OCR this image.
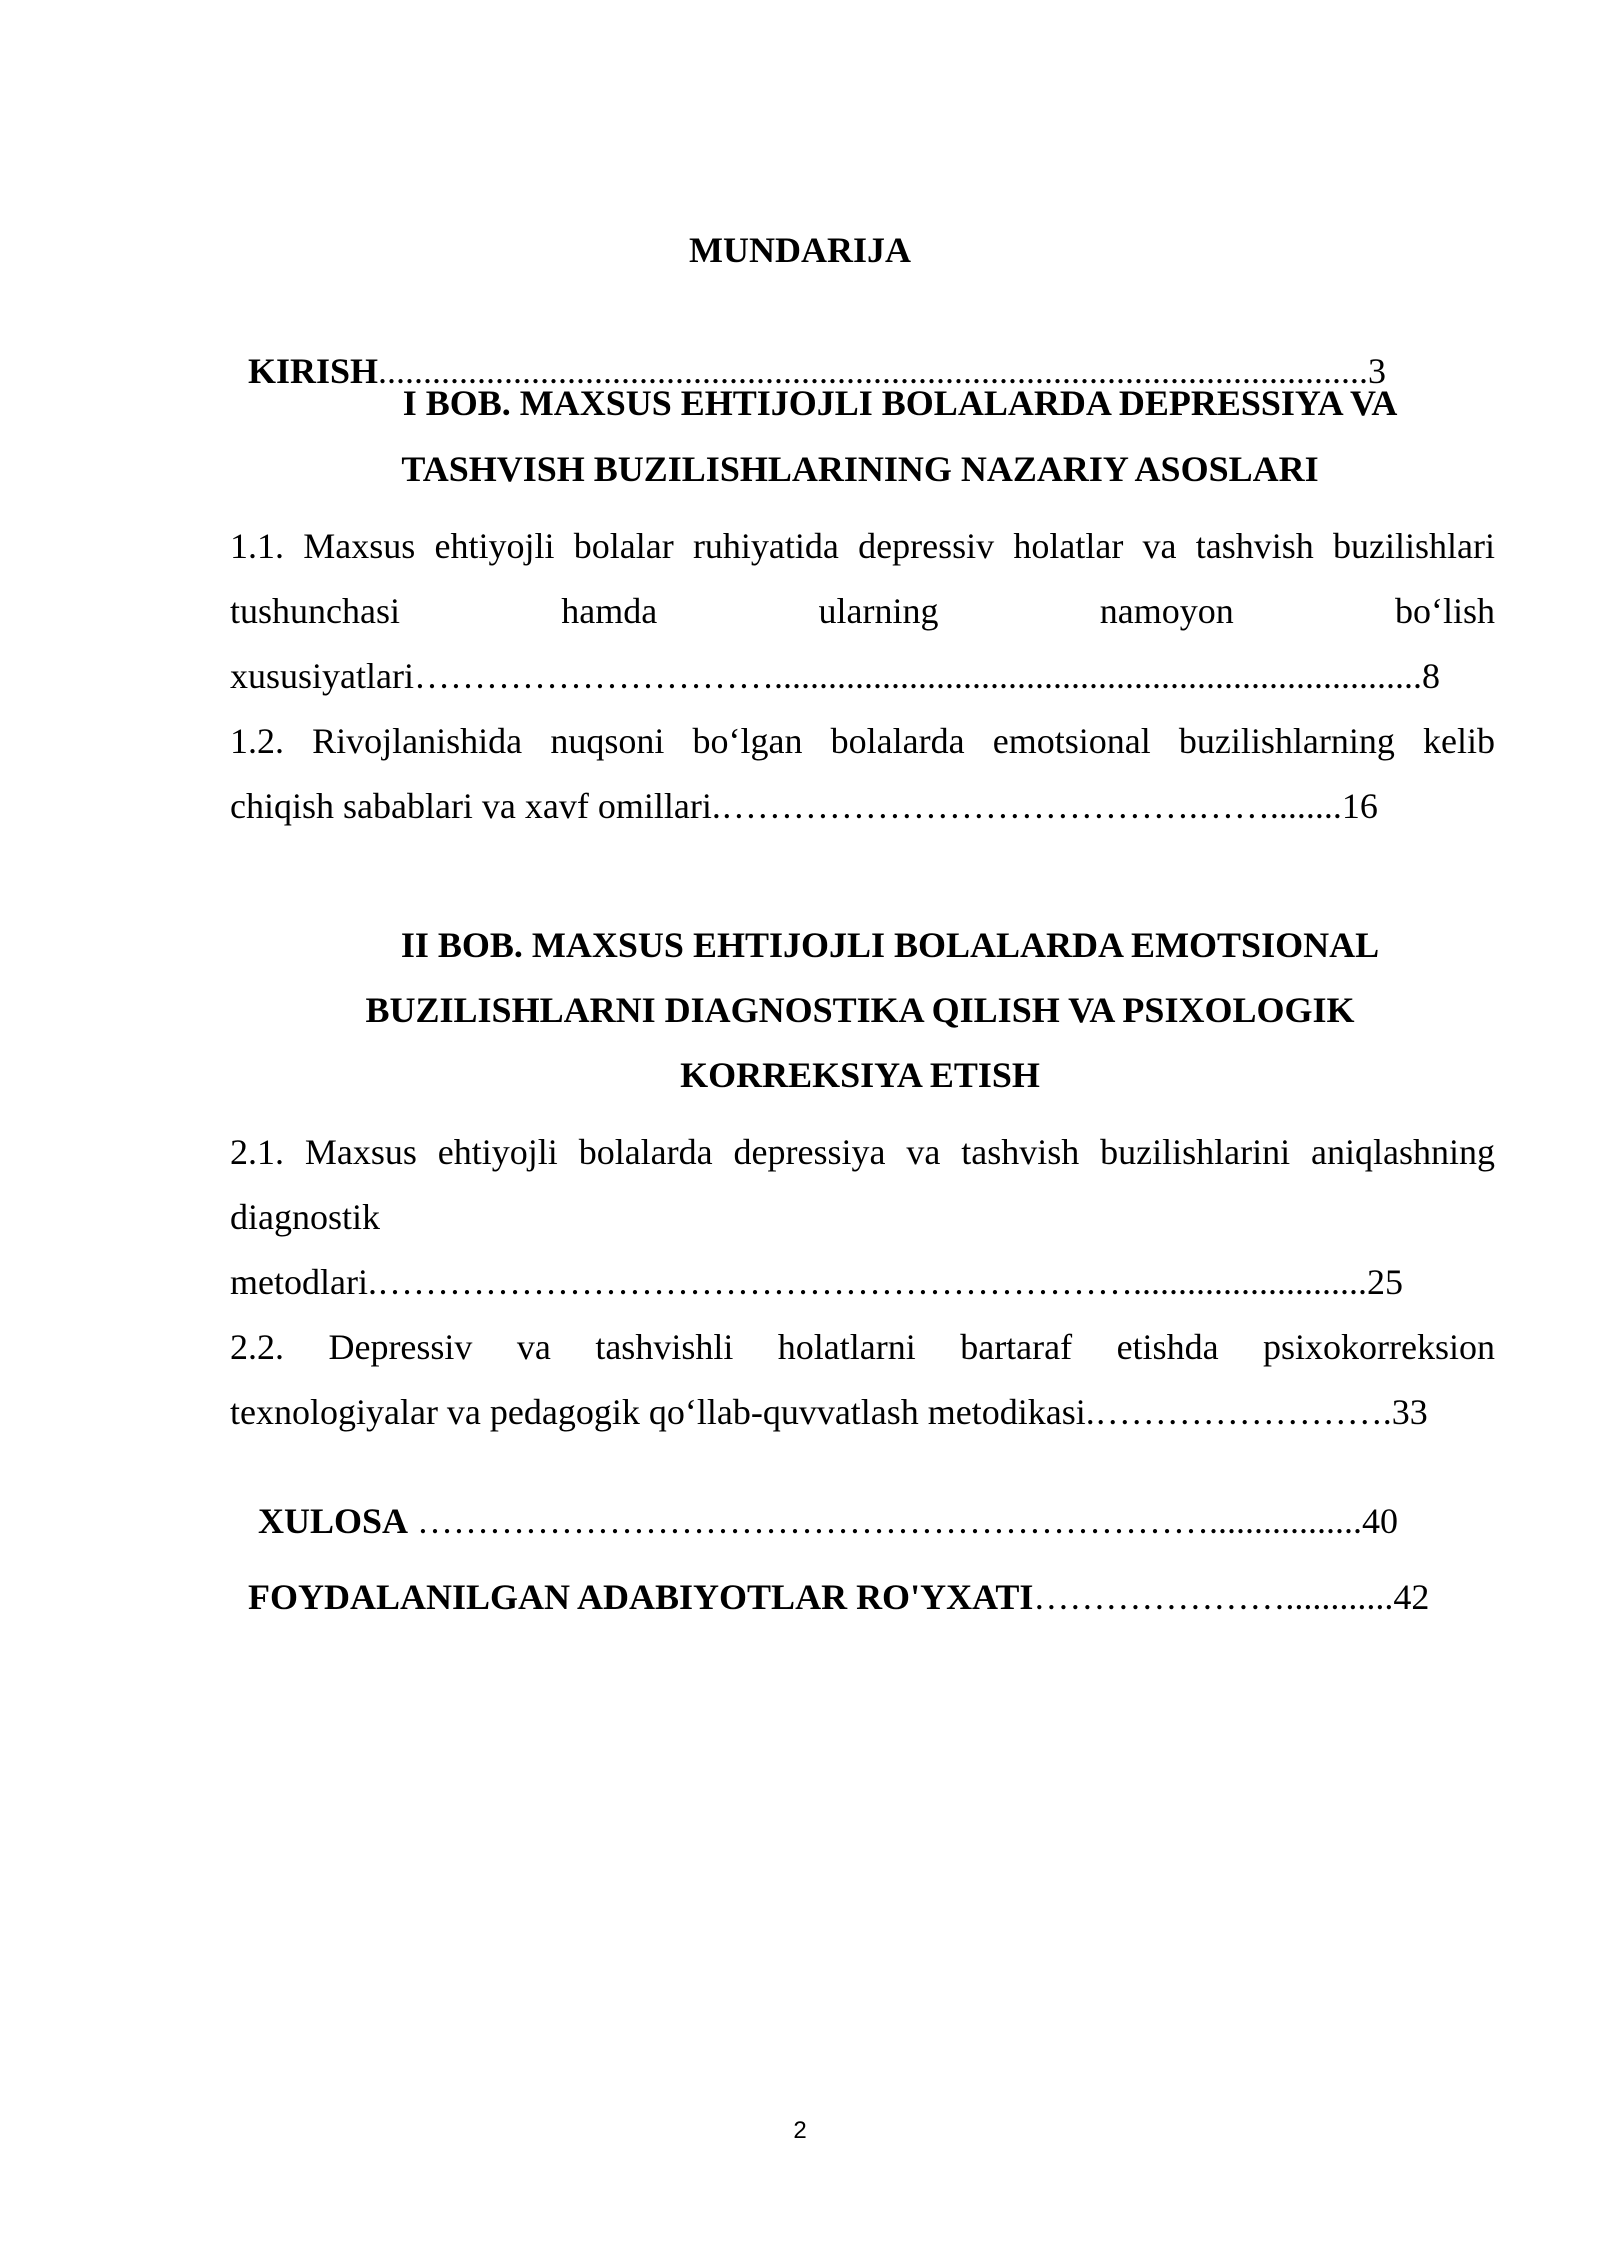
MUNDARIJA

KIRISH..............................................................................................................3

I BOB. MAXSUS EHTIJOJLI BOLALARDA DEPRESSIYA VA
TASHVISH BUZILISHLARINING NAZARIY ASOSLARI
1.1. Maxsus ehtiyojli bolalar ruhiyatida depressiv holatlar va tashvish buzilishlari
tushunchasi hamda ularning namoyon bo‘lish
xususiyatlari…………………………........................................................................8
1.2. Rivojlanishida nuqsoni bo‘lgan bolalarda emotsional buzilishlarning kelib
chiqish sabablari va xavf omillari.………………………………….……........16
II BOB. MAXSUS EHTIJOJLI BOLALARDA EMOTSIONAL
BUZILISHLARNI DIAGNOSTIKA QILISH VA PSIXOLOGIK
KORREKSIYA ETISH
2.1. Maxsus ehtiyojli bolalarda depressiya va tashvish buzilishlarini aniqlashning
diagnostik
metodlari.………………………………………………………..........................25
2.2. Depressiv va tashvishli holatlarni bartaraf etishda psixokorreksion
texnologiyalar va pedagogik qo‘llab-quvvatlash metodikasi.…………………….33

XULOSA ………………………………………………………….................40

FOYDALANILGAN ADABIYOTLAR RO'YXATI…………………............42

2
